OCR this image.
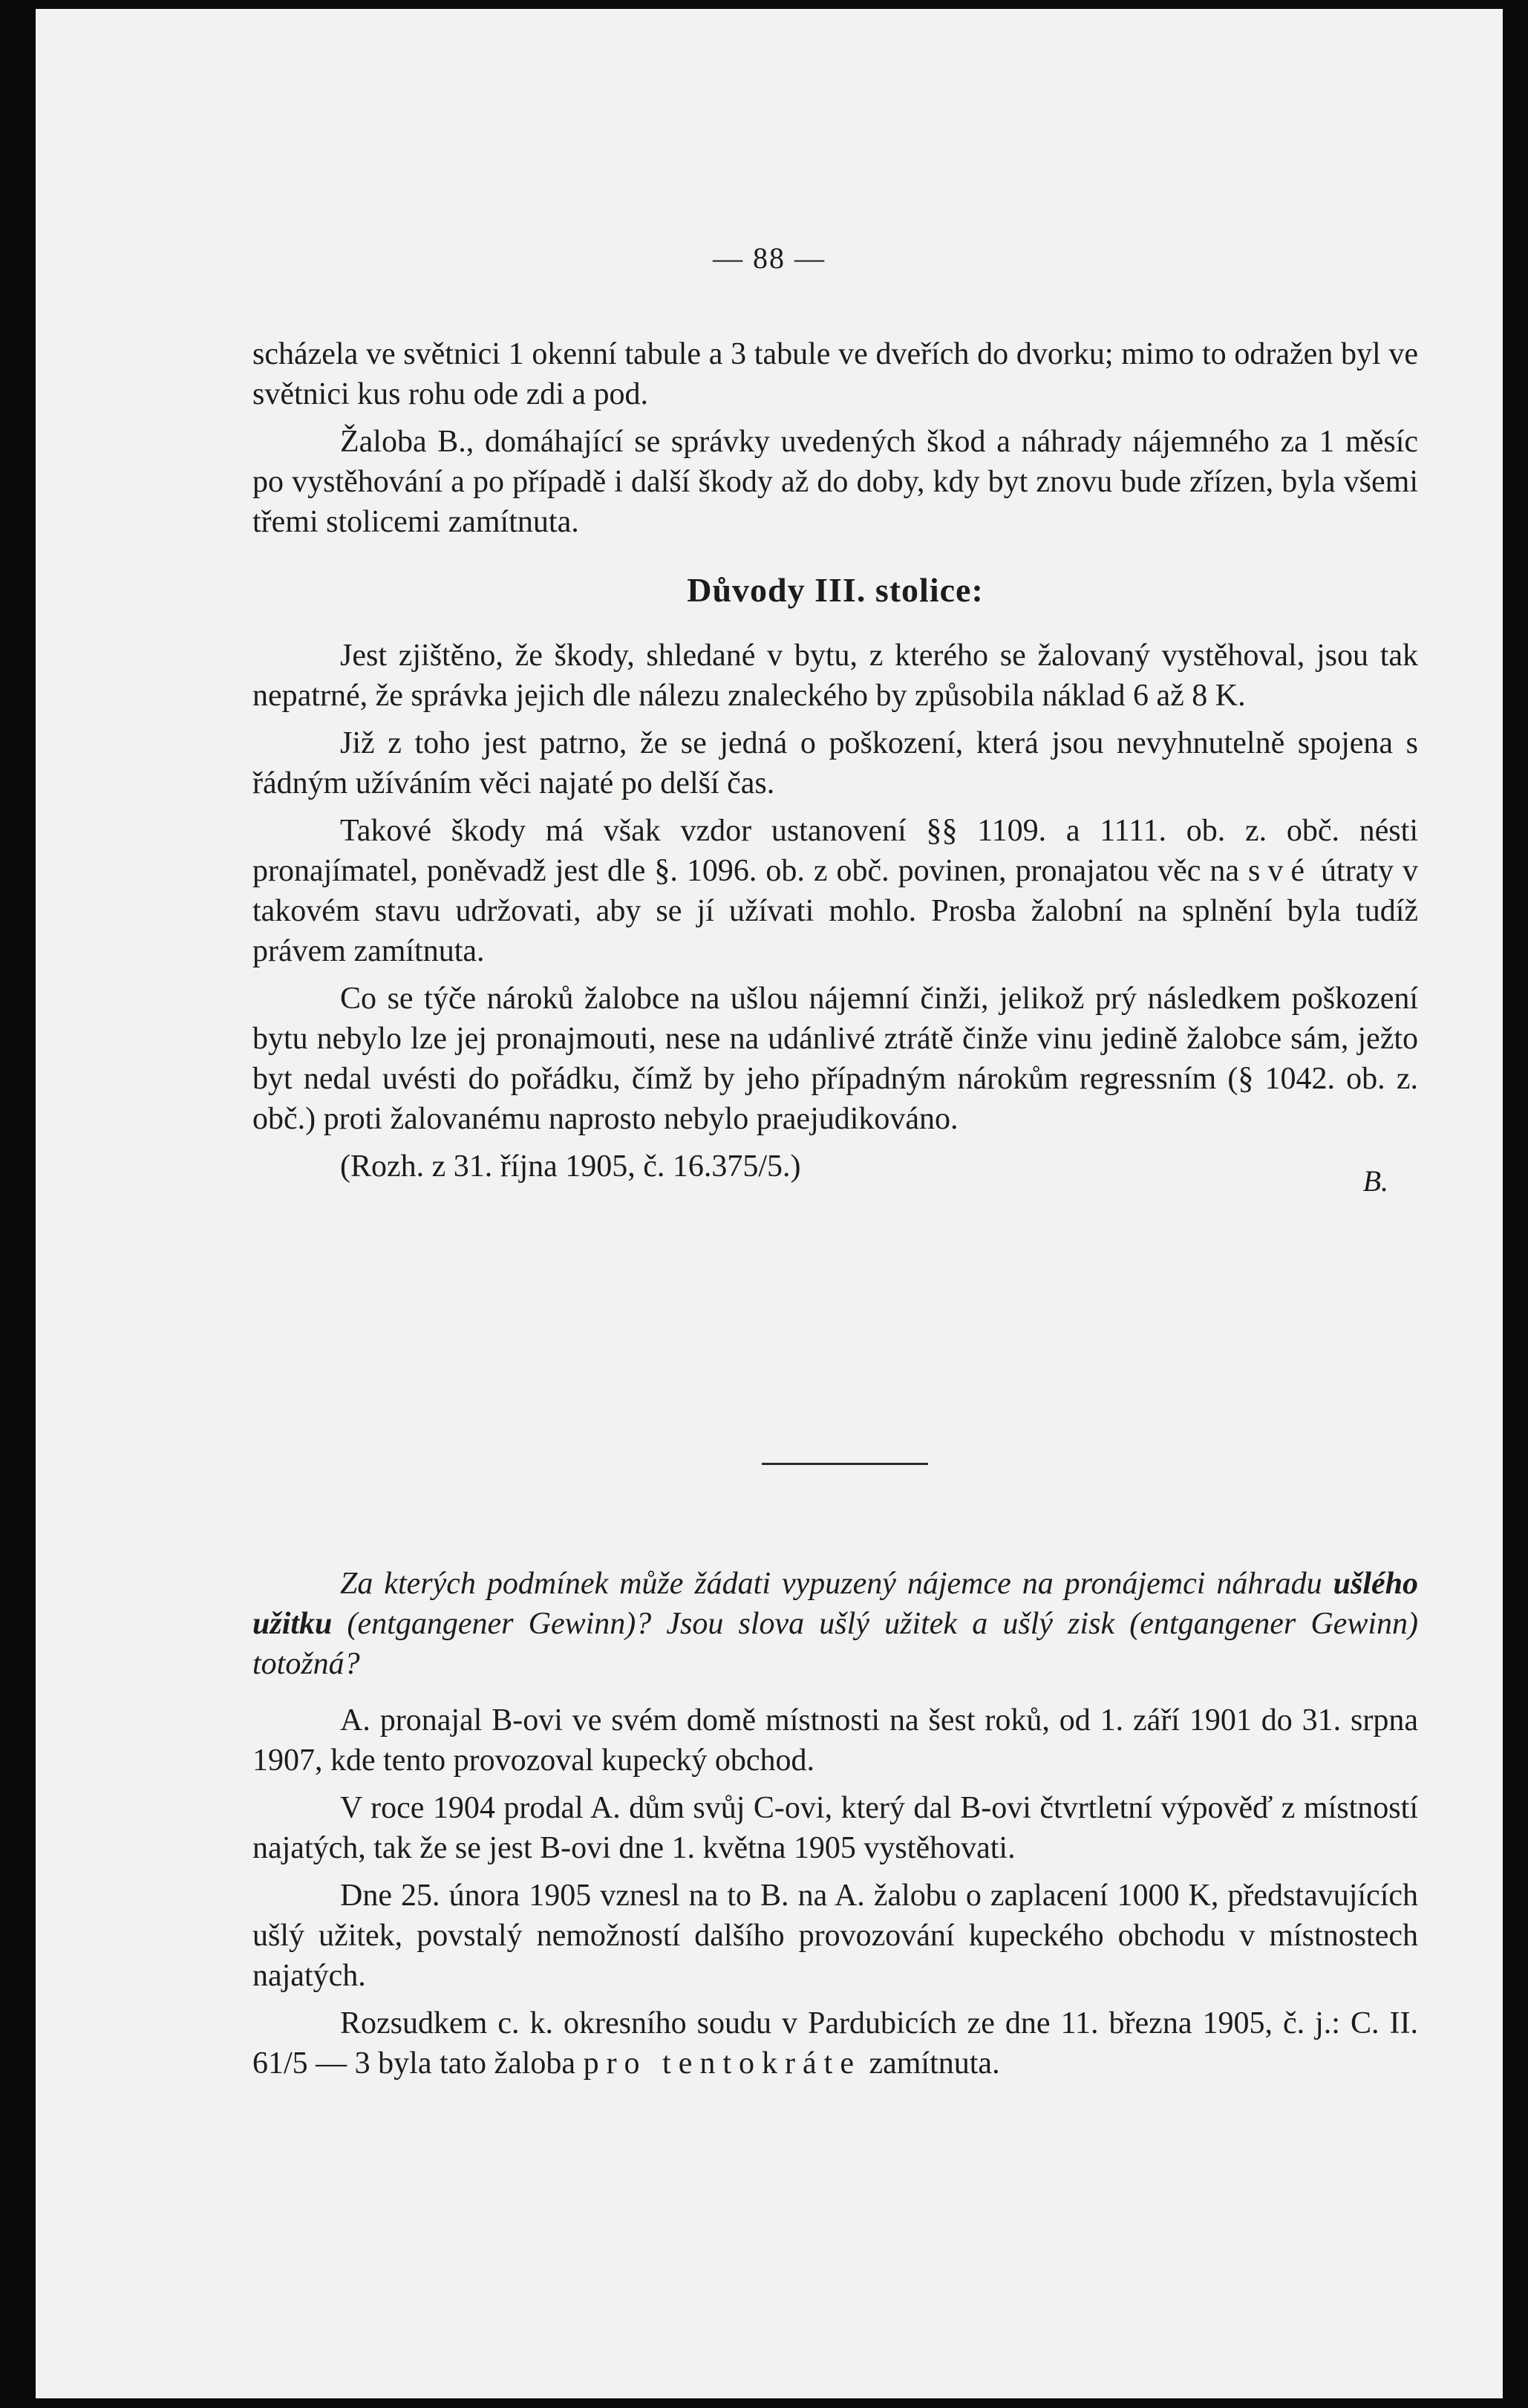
— 88 —

scházela ve světnici 1 okenní tabule a 3 tabule ve dveřích do dvorku; mimo to odražen byl ve světnici kus rohu ode zdi a pod.

Žaloba B., domáhající se správky uvedených škod a náhrady nájemného za 1 měsíc po vystěhování a po případě i další škody až do doby, kdy byt znovu bude zřízen, byla všemi třemi stolicemi zamítnuta.

Důvody III. stolice:

Jest zjištěno, že škody, shledané v bytu, z kterého se žalovaný vystěhoval, jsou tak nepatrné, že správka jejich dle nálezu znaleckého by způsobila náklad 6 až 8 K.

Již z toho jest patrno, že se jedná o poškození, která jsou nevyhnutelně spojena s řádným užíváním věci najaté po delší čas.

Takové škody má však vzdor ustanovení §§ 1109. a 1111. ob. z. obč. nésti pronajímatel, poněvadž jest dle §. 1096. ob. z obč. povinen, pronajatou věc na své útraty v takovém stavu udržovati, aby se jí užívati mohlo. Prosba žalobní na splnění byla tudíž právem zamítnuta.

Co se týče nároků žalobce na ušlou nájemní činži, jelikož prý následkem poškození bytu nebylo lze jej pronajmouti, nese na udánlivé ztrátě činže vinu jedině žalobce sám, ježto byt nedal uvésti do pořádku, čímž by jeho případným nárokům regressním (§ 1042. ob. z. obč.) proti žalovanému naprosto nebylo praejudikováno.

(Rozh. z 31. října 1905, č. 16.375/5.)	B.

Za kterých podmínek může žádati vypuzený nájemce na pronájemci náhradu ušlého užitku (entgangener Gewinn)? Jsou slova ušlý užitek a ušlý zisk (entgangener Gewinn) totožná?

A. pronajal B-ovi ve svém domě místnosti na šest roků, od 1. září 1901 do 31. srpna 1907, kde tento provozoval kupecký obchod.

V roce 1904 prodal A. dům svůj C-ovi, který dal B-ovi čtvrtletní výpověď z místností najatých, tak že se jest B-ovi dne 1. května 1905 vystěhovati.

Dne 25. února 1905 vznesl na to B. na A. žalobu o zaplacení 1000 K, představujících ušlý užitek, povstalý nemožností dalšího provozování kupeckého obchodu v místnostech najatých.

Rozsudkem c. k. okresního soudu v Pardubicích ze dne 11. března 1905, č. j.: C. II. 61/5 — 3 byla tato žaloba pro tentokráte zamítnuta.
